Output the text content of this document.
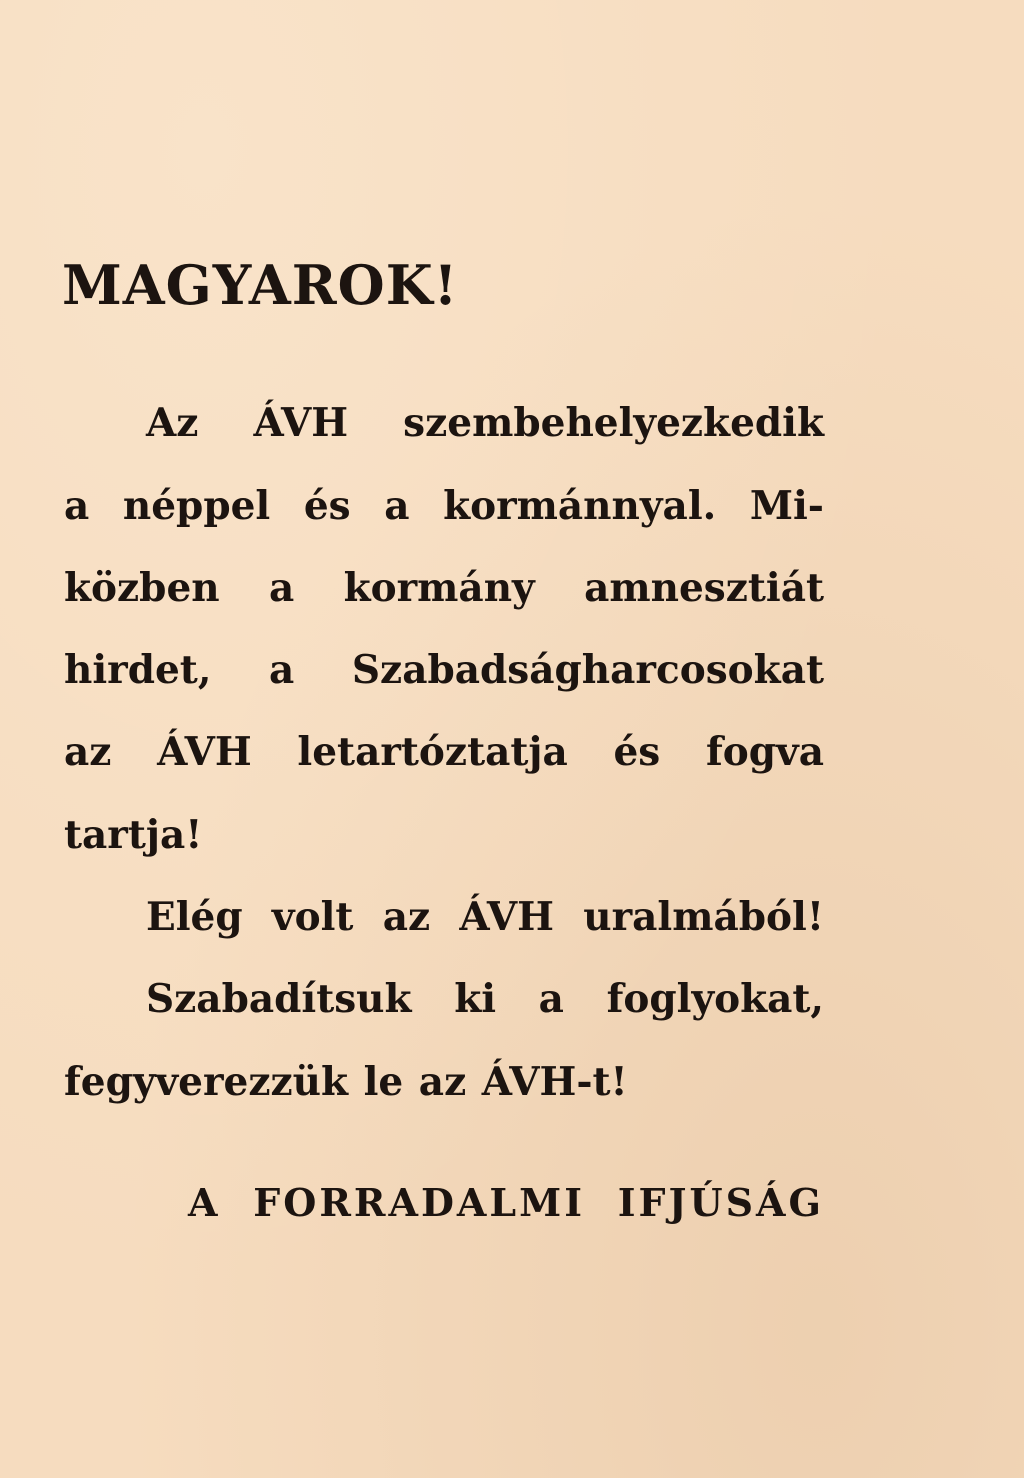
MAGYAROK!

Az ÁVH szembehelyezkedik

a néppel és a kormánnyal. Mi-

közben a kormány amnesztiát

hirdet, a Szabadságharcosokat

az ÁVH letartóztatja és fogva

tartja!

Elég volt az ÁVH uralmából!

Szabadítsuk ki a foglyokat,

fegyverezzük le az ÁVH-t!

A FORRADALMI IFJÚSÁG
